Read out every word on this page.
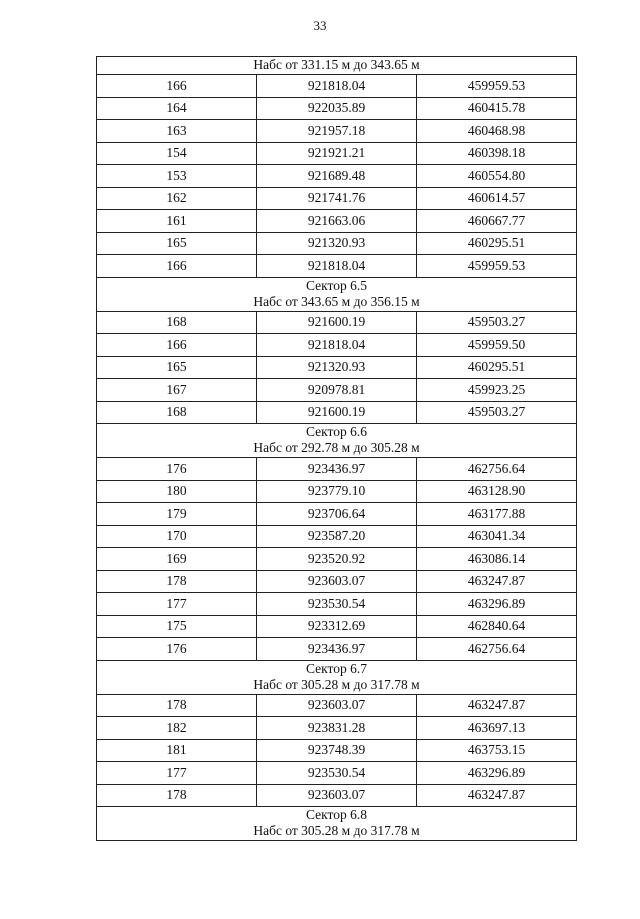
33
Набс от 331.15 м до 343.65 м		

166	921818.04	459959.53
164	922035.89	460415.78
163	921957.18	460468.98
154	921921.21	460398.18
153	921689.48	460554.80
162	921741.76	460614.57
161	921663.06	460667.77
165	921320.93	460295.51
166	921818.04	459959.53

Сектор 6.5
Набс от 343.65 м до 356.15 м		

168	921600.19	459503.27
166	921818.04	459959.50
165	921320.93	460295.51
167	920978.81	459923.25
168	921600.19	459503.27

Сектор 6.6
Набс от 292.78 м до 305.28 м		

176	923436.97	462756.64
180	923779.10	463128.90
179	923706.64	463177.88
170	923587.20	463041.34
169	923520.92	463086.14
178	923603.07	463247.87
177	923530.54	463296.89
175	923312.69	462840.64
176	923436.97	462756.64

Сектор 6.7
Набс от 305.28 м до 317.78 м		

178	923603.07	463247.87
182	923831.28	463697.13
181	923748.39	463753.15
177	923530.54	463296.89
178	923603.07	463247.87

Сектор 6.8
Набс от 305.28 м до 317.78 м		
